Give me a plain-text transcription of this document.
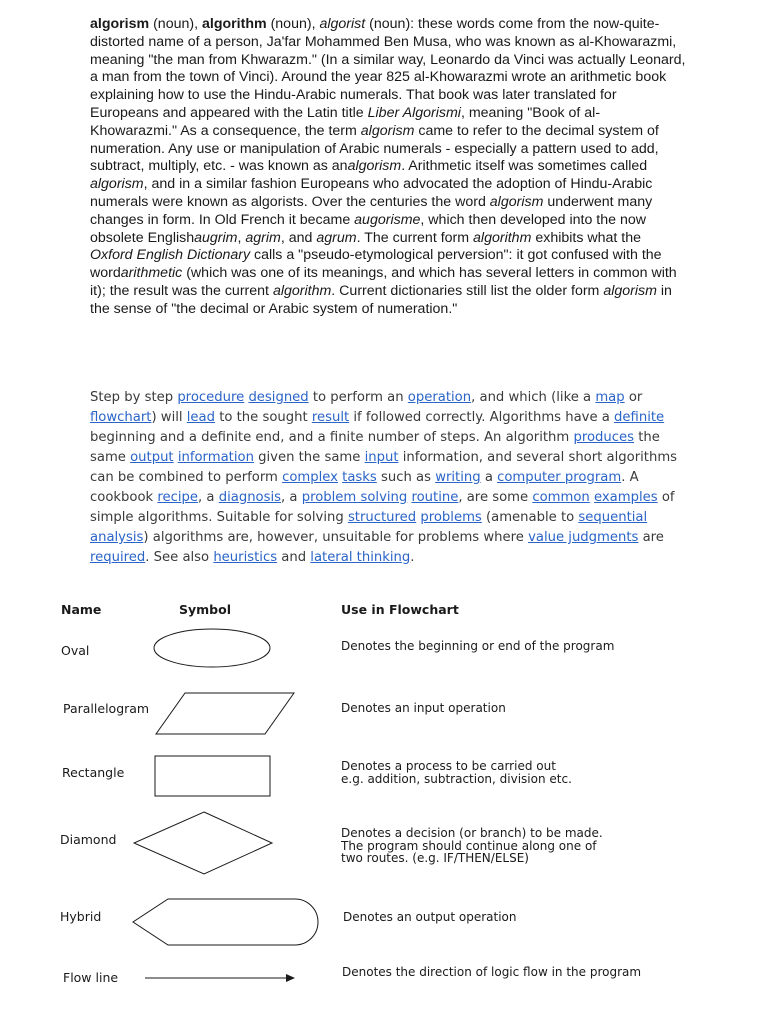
algorism (noun), algorithm (noun), algorist (noun): these words come from the now-quite-distorted name of a person, Ja'far Mohammed Ben Musa, who was known as al-Khowarazmi, meaning "the man from Khwarazm." (In a similar way, Leonardo da Vinci was actually Leonard, a man from the town of Vinci). Around the year 825 al-Khowarazmi wrote an arithmetic book explaining how to use the Hindu-Arabic numerals. That book was later translated for Europeans and appeared with the Latin title Liber Algorismi, meaning "Book of al-Khowarazmi." As a consequence, the term algorism came to refer to the decimal system of numeration. Any use or manipulation of Arabic numerals - especially a pattern used to add, subtract, multiply, etc. - was known as analgorism. Arithmetic itself was sometimes called algorism, and in a similar fashion Europeans who advocated the adoption of Hindu-Arabic numerals were known as algorists. Over the centuries the word algorism underwent many changes in form. In Old French it became augorisme, which then developed into the now obsolete Englishaugrim, agrim, and agrum. The current form algorithm exhibits what the Oxford English Dictionary calls a "pseudo-etymological perversion": it got confused with the wordarithmetic (which was one of its meanings, and which has several letters in common with it); the result was the current algorithm. Current dictionaries still list the older form algorism in the sense of "the decimal or Arabic system of numeration."
Step by step procedure designed to perform an operation, and which (like a map or flowchart) will lead to the sought result if followed correctly. Algorithms have a definite beginning and a definite end, and a finite number of steps. An algorithm produces the same output information given the same input information, and several short algorithms can be combined to perform complex tasks such as writing a computer program. A cookbook recipe, a diagnosis, a problem solving routine, are some common examples of simple algorithms. Suitable for solving structured problems (amenable to sequential analysis) algorithms are, however, unsuitable for problems where value judgments are required. See also heuristics and lateral thinking.
Name	Symbol	Use in Flowchart
Oval	Denotes the beginning or end of the program
Parallelogram	Denotes an input operation
Rectangle	Denotes a process to be carried out
e.g. addition, subtraction, division etc.
Diamond	Denotes a decision (or branch) to be made.
The program should continue along one of
two routes. (e.g. IF/THEN/ELSE)
Hybrid	Denotes an output operation
Flow line	Denotes the direction of logic flow in the program
